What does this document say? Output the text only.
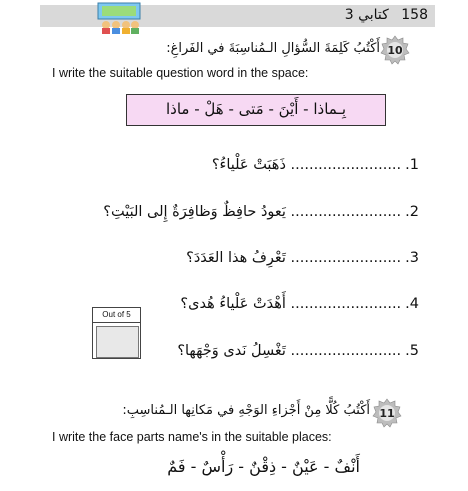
158 كتابي 3
10
أَكْتُبُ كَلِمَةَ السُّؤالِ الـمُناسِبَةَ في الفَراغِ:
I write the suitable question word in the space:
بِـماذا - أَيْنَ - مَتى - هَلْ - ماذا
1......................... ذَهَبَتْ عَلْياءُ؟
2......................... يَعودُ حافِظٌ وَظافِرَةٌ إِلى البَيْتِ؟
3......................... تَعْرِفُ هذا العَدَدَ؟
4......................... أَهْدَتْ عَلْياءُ هُدى؟
5......................... تَغْسِلُ نَدى وَجْهَها؟
Out of 5
11
أَكْتُبُ كُلًّا مِنْ أَجْزاءِ الوَجْهِ في مَكانِها الـمُناسِبِ:
I write the face parts name's in the suitable places:
أَنْفٌ - عَيْنٌ - ذِقْنٌ - رَأْسٌ - فَمٌ
